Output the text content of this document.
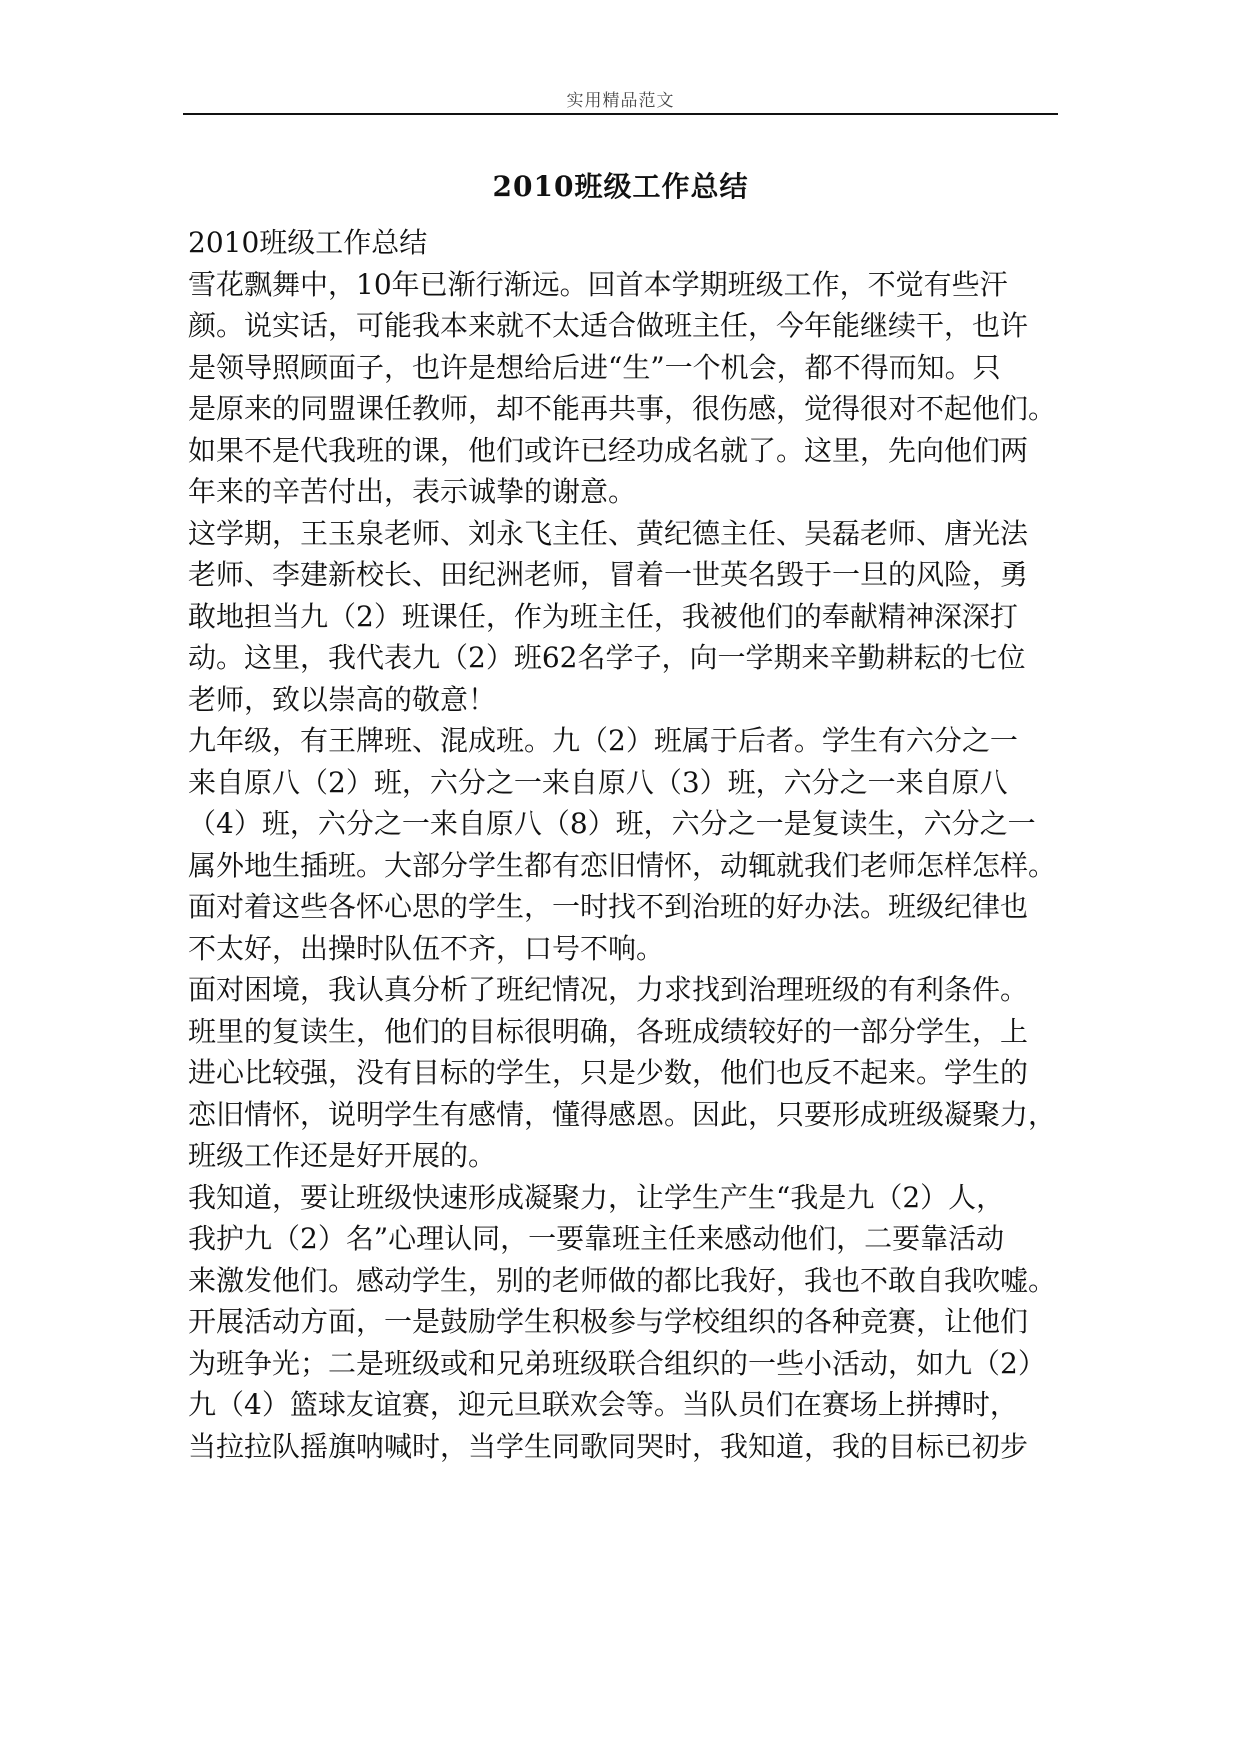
实用精品范文
2010班级工作总结
2010班级工作总结
雪花飘舞中，10年已渐行渐远。回首本学期班级工作，不觉有些汗
颜。说实话，可能我本来就不太适合做班主任，今年能继续干，也许
是领导照顾面子，也许是想给后进“生”一个机会，都不得而知。只
是原来的同盟课任教师，却不能再共事，很伤感，觉得很对不起他们。
如果不是代我班的课，他们或许已经功成名就了。这里，先向他们两
年来的辛苦付出，表示诚挚的谢意。
这学期，王玉泉老师、刘永飞主任、黄纪德主任、吴磊老师、唐光法
老师、李建新校长、田纪洲老师，冒着一世英名毁于一旦的风险，勇
敢地担当九（2）班课任，作为班主任，我被他们的奉献精神深深打
动。这里，我代表九（2）班62名学子，向一学期来辛勤耕耘的七位
老师，致以崇高的敬意！
九年级，有王牌班、混成班。九（2）班属于后者。学生有六分之一
来自原八（2）班，六分之一来自原八（3）班，六分之一来自原八
（4）班，六分之一来自原八（8）班，六分之一是复读生，六分之一
属外地生插班。大部分学生都有恋旧情怀，动辄就我们老师怎样怎样。
面对着这些各怀心思的学生，一时找不到治班的好办法。班级纪律也
不太好，出操时队伍不齐，口号不响。
面对困境，我认真分析了班纪情况，力求找到治理班级的有利条件。
班里的复读生，他们的目标很明确，各班成绩较好的一部分学生，上
进心比较强，没有目标的学生，只是少数，他们也反不起来。学生的
恋旧情怀，说明学生有感情，懂得感恩。因此，只要形成班级凝聚力，
班级工作还是好开展的。
我知道，要让班级快速形成凝聚力，让学生产生“我是九（2）人，
我护九（2）名”心理认同，一要靠班主任来感动他们，二要靠活动
来激发他们。感动学生，别的老师做的都比我好，我也不敢自我吹嘘。
开展活动方面，一是鼓励学生积极参与学校组织的各种竞赛，让他们
为班争光；二是班级或和兄弟班级联合组织的一些小活动，如九（2）
九（4）篮球友谊赛，迎元旦联欢会等。当队员们在赛场上拼搏时，
当拉拉队摇旗呐喊时，当学生同歌同哭时，我知道，我的目标已初步
